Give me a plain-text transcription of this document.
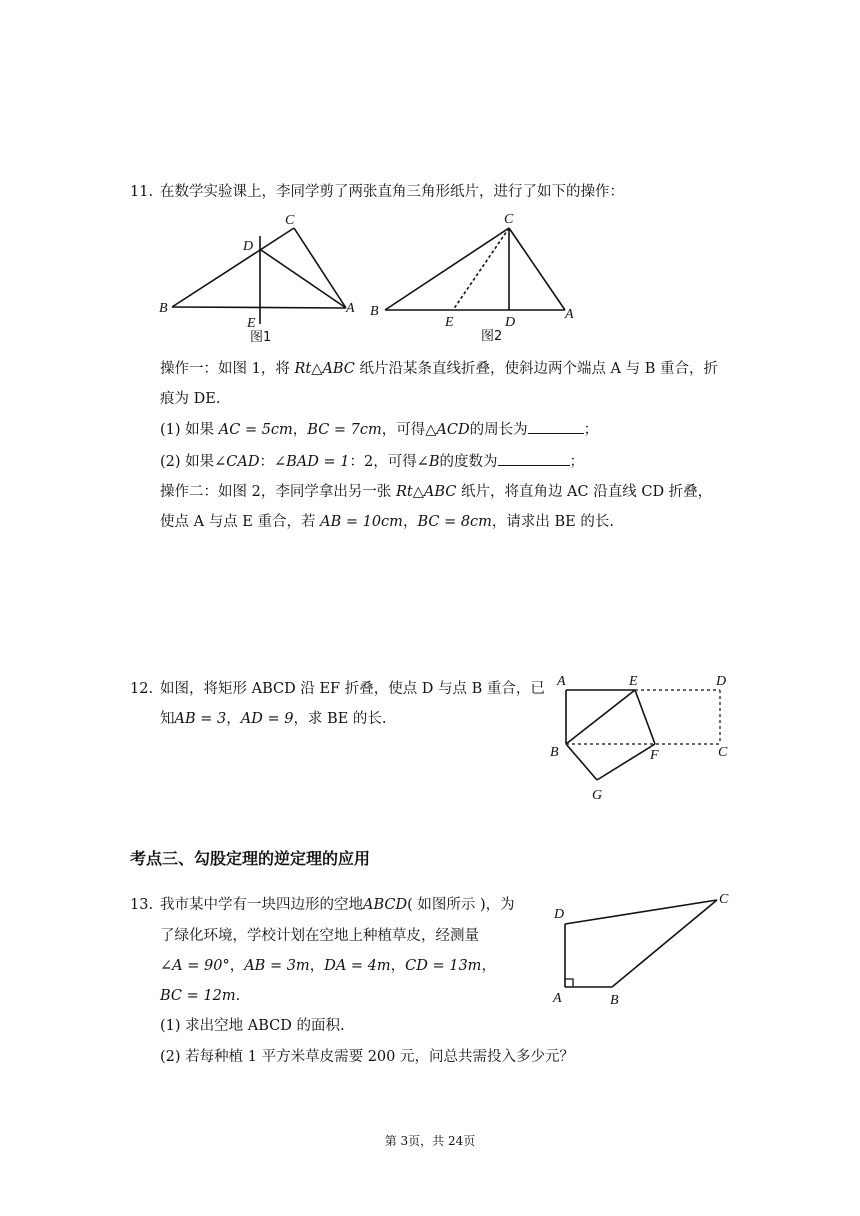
11. 在数学实验课上，李同学剪了两张直角三角形纸片，进行了如下的操作：
C
D
B	A
E
图1
C
B	A
E	D
图2
操作一：如图 1，将 Rt△ABC 纸片沿某条直线折叠，使斜边两个端点 A 与 B 重合，折
痕为 DE.
(1) 如果 AC = 5cm，BC = 7cm，可得△ACD的周长为	；
(2) 如果∠CAD：∠BAD = 1：2，可得∠B的度数为	；
操作二：如图 2，李同学拿出另一张 Rt△ABC 纸片，将直角边 AC 沿直线 CD 折叠，
使点 A 与点 E 重合，若 AB = 10cm，BC = 8cm，请求出 BE 的长.
12. 如图，将矩形 ABCD 沿 EF 折叠，使点 D 与点 B 重合，已
知AB = 3，AD = 9，求 BE 的长.
A	E	D
B	F	C
G
考点三、勾股定理的逆定理的应用
13. 我市某中学有一块四边形的空地ABCD( 如图所示 )，为
了绿化环境，学校计划在空地上种植草皮，经测量
∠A = 90°，AB = 3m，DA = 4m，CD = 13m，
BC = 12m.
(1) 求出空地 ABCD 的面积.
(2) 若每种植 1 平方米草皮需要 200 元，问总共需投入多少元？
D
C
A	B
第 3页，共 24页
